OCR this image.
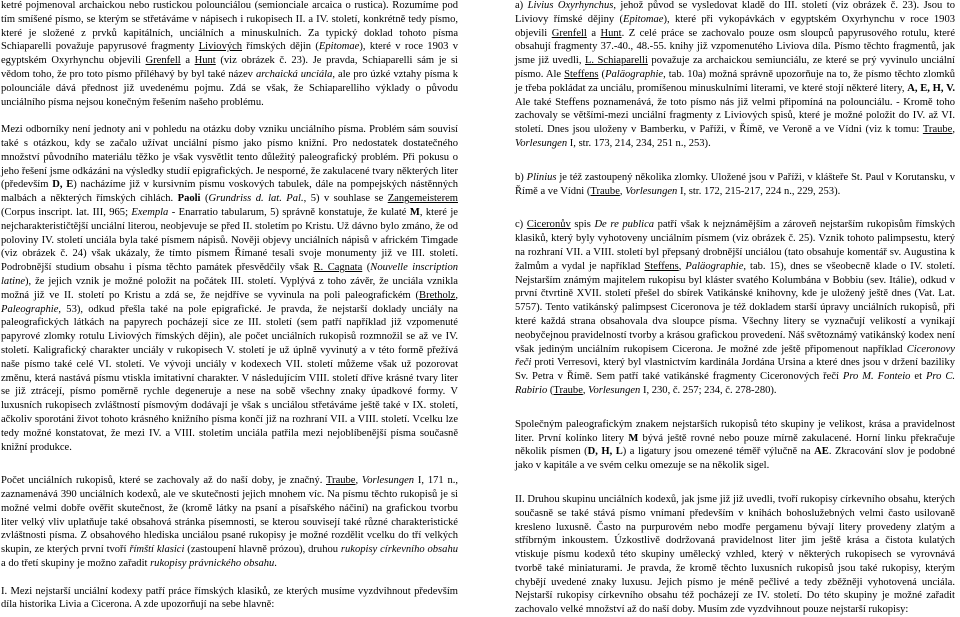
ketré pojmenoval archaickou nebo rustickou polounciálou (semionciale arcaica o rustica). Rozumíme pod tím smíšené písmo, se kterým se střetáváme v nápisech i rukopisech II. a IV. století, konkrétně tedy písmo, které je složené z prvků kapitálních, unciálních a minuskulních. Za typický doklad tohoto písma Schiaparelli považuje papyrusové fragmenty Liviových římských dějin (Epitomae), které v roce 1903 v egyptském Oxyrhynchu objevili Grenfell a Hunt (viz obrázek č. 23). Je pravda, Schiaparelli sám je si vědom toho, že pro toto písmo příléhavý by byl také název archaická unciála, ale pro úzké vztahy písma k polounciále dává přednost již uvedenému pojmu. Zdá se však, že Schiaparelliho výklady o původu unciálního písma nejsou konečným řešením našeho problému.

Mezi odborníky není jednoty ani v pohledu na otázku doby vzniku unciálního písma. Problém sám souvisí také s otázkou, kdy se začalo užívat unciální písmo jako písmo knižní. Pro nedostatek dostatečného množství původního materiálu těžko je však vysvětlit tento důležitý paleografický problém. Při pokusu o jeho řešení jsme odkázáni na výsledky studií epigrafických. Je nesporné, že zakulacené tvary některých liter (především D, E) nacházíme již v kursivním písmu voskových tabulek, dále na pompejských nástěnných malbách a některých římských cihlách. Paoli (Grundriss d. lat. Pal., 5) v souhlase se Zangemeisterem (Corpus inscript. lat. III, 965; Exempla - Enarratio tabularum, 5) správně konstatuje, že kulaté M, které je nejcharakterističtější unciální literou, neobjevuje se před II. stoletím po Kristu. Už dávno bylo zmáno, že od poloviny IV. století unciála byla také písmem nápisů. Nověji objevy unciálních nápisů v africkém Timgade (viz obrázek č. 24) však ukázaly, že tímto písmem Římané tesali svoje monumenty již ve III. století. Podrobnější studium obsahu i písma těchto památek přesvědčily však R. Cagnata (Nouvelle inscription latine), že jejich vznik je možné položit na počátek III. století. Vyplývá z toho závěr, že unciála vznikla možná již ve II. století po Kristu a zdá se, že nejdříve se vyvinula na poli paleografickém (Bretholz, Paleographie, 53), odkud přešla také na pole epigrafické. Je pravda, že nejstarší doklady unciály na paleografických látkách na papyrech pocházejí sice ze III. století (sem patří například již vzpomenuté papyrové zlomky rotulu Liviových římských dějin), ale počet unciálních rukopisů rozmnožil se až ve IV. století. Kaligrafický charakter unciály v rukopisech V. století je už úplně vyvinutý a v této formě přežívá naše písmo také celé VI. století. Ve vývoji unciály v kodexech VII. století můžeme však už pozorovat změnu, která nastává písmu vtiskla imitativní charakter. V následujícím VIII. století dříve krásné tvary liter se již ztrácejí, písmo poměrně rychle degeneruje a nese na sobě všechny znaky úpadkové formy. V luxusních rukopisech zvláštností písmovým dodávají je však s unciálou střetáváme ještě také v IX. století, ačkoliv sporotáni život tohoto krásného knižního písma končí již na rozhraní VII. a VIII. století. Vcelku lze tedy možné konstatovat, že mezi IV. a VIII. stoletím unciála patřila mezi nejoblíbenější písma současně knižní produkce.

Počet unciálních rukopisů, které se zachovaly až do naší doby, je značný. Traube, Vorlesungen I, 171 n., zaznamenává 390 unciálních kodexů, ale ve skutečnosti jejich mnohem víc. Na písmu těchto rukopisů je si možné velmi dobře ověřit skutečnost, že (kromě látky na psaní a písařského náčiní) na grafickou tvorbu liter velký vliv uplatňuje také obsahová stránka písemnosti, se kterou souvisejí také různé charakteristické zvláštnosti písma. Z obsahového hlediska unciálou psané rukopisy je možné rozdělit vcelku do tří velkých skupin, ze kterých první tvoří římští klasici (zastoupení hlavně prózou), druhou rukopisy církevního obsahu a do třetí skupiny je možno zařadit rukopisy právnického obsahu.

I. Mezi nejstarší unciální kodexy patří práce římských klasiků, ze kterých musíme vyzdvihnout především díla historika Livia a Cicerona. A zde upozorňují na sebe hlavně:

a) Livius Oxyrhynchus, jehož původ se vysledovat kladě do III. století (viz obrázek č. 23). Jsou to Liviovy římské dějiny (Epitomae), které při vykopávkách v egyptském Oxyrhynchu v roce 1903 objevili Grenfell a Hunt. Z celé práce se zachovalo pouze osm sloupců papyrusového rotulu, které obsahují fragmenty 37.-40., 48.-55. knihy již vzpomenutého Liviova díla. Písmo těchto fragmentů, jak jsme již uvedli, L. Schiaparelli považuje za archaickou semiunciálu, ze které se prý vyvinulo unciální písmo. Ale Steffens (Paläographie, tab. 10a) možná správně upozorňuje na to, že písmo těchto zlomků je třeba pokládat za unciálu, promíšenou minuskulními literami, ve které stojí některé litery, A, E, H, V. Ale také Steffens poznamenává, že toto písmo nás již velmi připomíná na polounciálu. - Kromě toho zachovaly se většími-mezi unciální fragmenty z Liviových spisů, které je možné položit do IV. až VI. století. Dnes jsou uloženy v Bamberku, v Paříži, v Římě, ve Veroně a ve Vídni (viz k tomu: Traube, Vorlesungen I, str. 173, 214, 234, 251 n., 253).

b) Plinius je též zastoupený několika zlomky. Uložené jsou v Paříži, v klášteře St. Paul v Korutansku, v Římě a ve Vídni (Traube, Vorlesungen I, str. 172, 215-217, 224 n., 229, 253).

c) Ciceronův spis De re publica patří však k nejznámějším a zároveň nejstarším rukopisům římských klasiků, který byly vyhotoveny unciálním písmem (viz obrázek č. 25). Vznik tohoto palimpsestu, který na rozhraní VII. a VIII. století byl přepsaný drobnější unciálou (tato obsahuje komentář sv. Augustina k žalmům a vydal je například Steffens, Paläographie, tab. 15), dnes se všeobecně klade o IV. století. Nejstarším známým majitelem rukopisu byl kláster svatého Kolumbána v Bobbiu (sev. Itálie), odkud v první čtvrtině XVII. století přešel do sbírek Vatikánské knihovny, kde je uložený ještě dnes (Vat. Lat. 5757). Tento vatikánský palimpsest Ciceronova je též dokladem starší úpravy unciálních rukopisů, při které každá strana obsahovala dva sloupce písma. Všechny litery se vyznačují velikostí a vynikají neobyčejnou pravidelností tvorby a krásou grafickou provedení. Náš světoznámý vatikánský kodex není však jediným unciálním rukopisem Cicerona. Je možné zde ještě připomenout například Ciceronovy řeči proti Verresovi, který byl vlastnictvím kardinála Jordána Ursina a které dnes jsou v držení baziliky Sv. Petra v Římě. Sem patří také vatikánské fragmenty Ciceronových řečí Pro M. Fonteio et Pro C. Rabirio (Traube, Vorlesungen I, 230, č. 257; 234, č. 278-280).

Společným paleografickým znakem nejstarších rukopisů této skupiny je velikost, krása a pravidelnost liter. První kolínko litery M bývá ještě rovné nebo pouze mírně zakulacené. Horní linku překračuje několik písmen (D, H, L) a ligatury jsou omezené téměř výlučně na AE. Zkracování slov je podobné jako v kapitále a ve svém celku omezuje se na několik sigel.

II. Druhou skupinu unciálních kodexů, jak jsme již již uvedli, tvoří rukopisy církevního obsahu, kterých současně se také stává písmo vnímaní především v knihách bohoslužebných velmi často usilovaně kresleno luxusně. Často na purpurovém nebo modře pergamenu bývají litery provedeny zlatým a stříbrným inkoustem. Úzkostlivě dodržovaná pravidelnost liter jim ještě krása a čistota kulatých vtiskuje písmu kodexů této skupiny umělecký vzhled, který v některých rukopisech se vyrovnává tvorbě také miniaturami. Je pravda, že kromě těchto luxusních rukopisů jsou také rukopisy, kterým chybějí uvedené znaky luxusu. Jejich písmo je méně pečlivé a tedy zběžněji vyhotovená unciála. Nejstarší rukopisy církevního obsahu též pocházejí ze IV. století. Do této skupiny je možné zařadit zachovalo velké množství až do naší doby. Musím zde vyzdvihnout pouze nejstarší rukopisy:
